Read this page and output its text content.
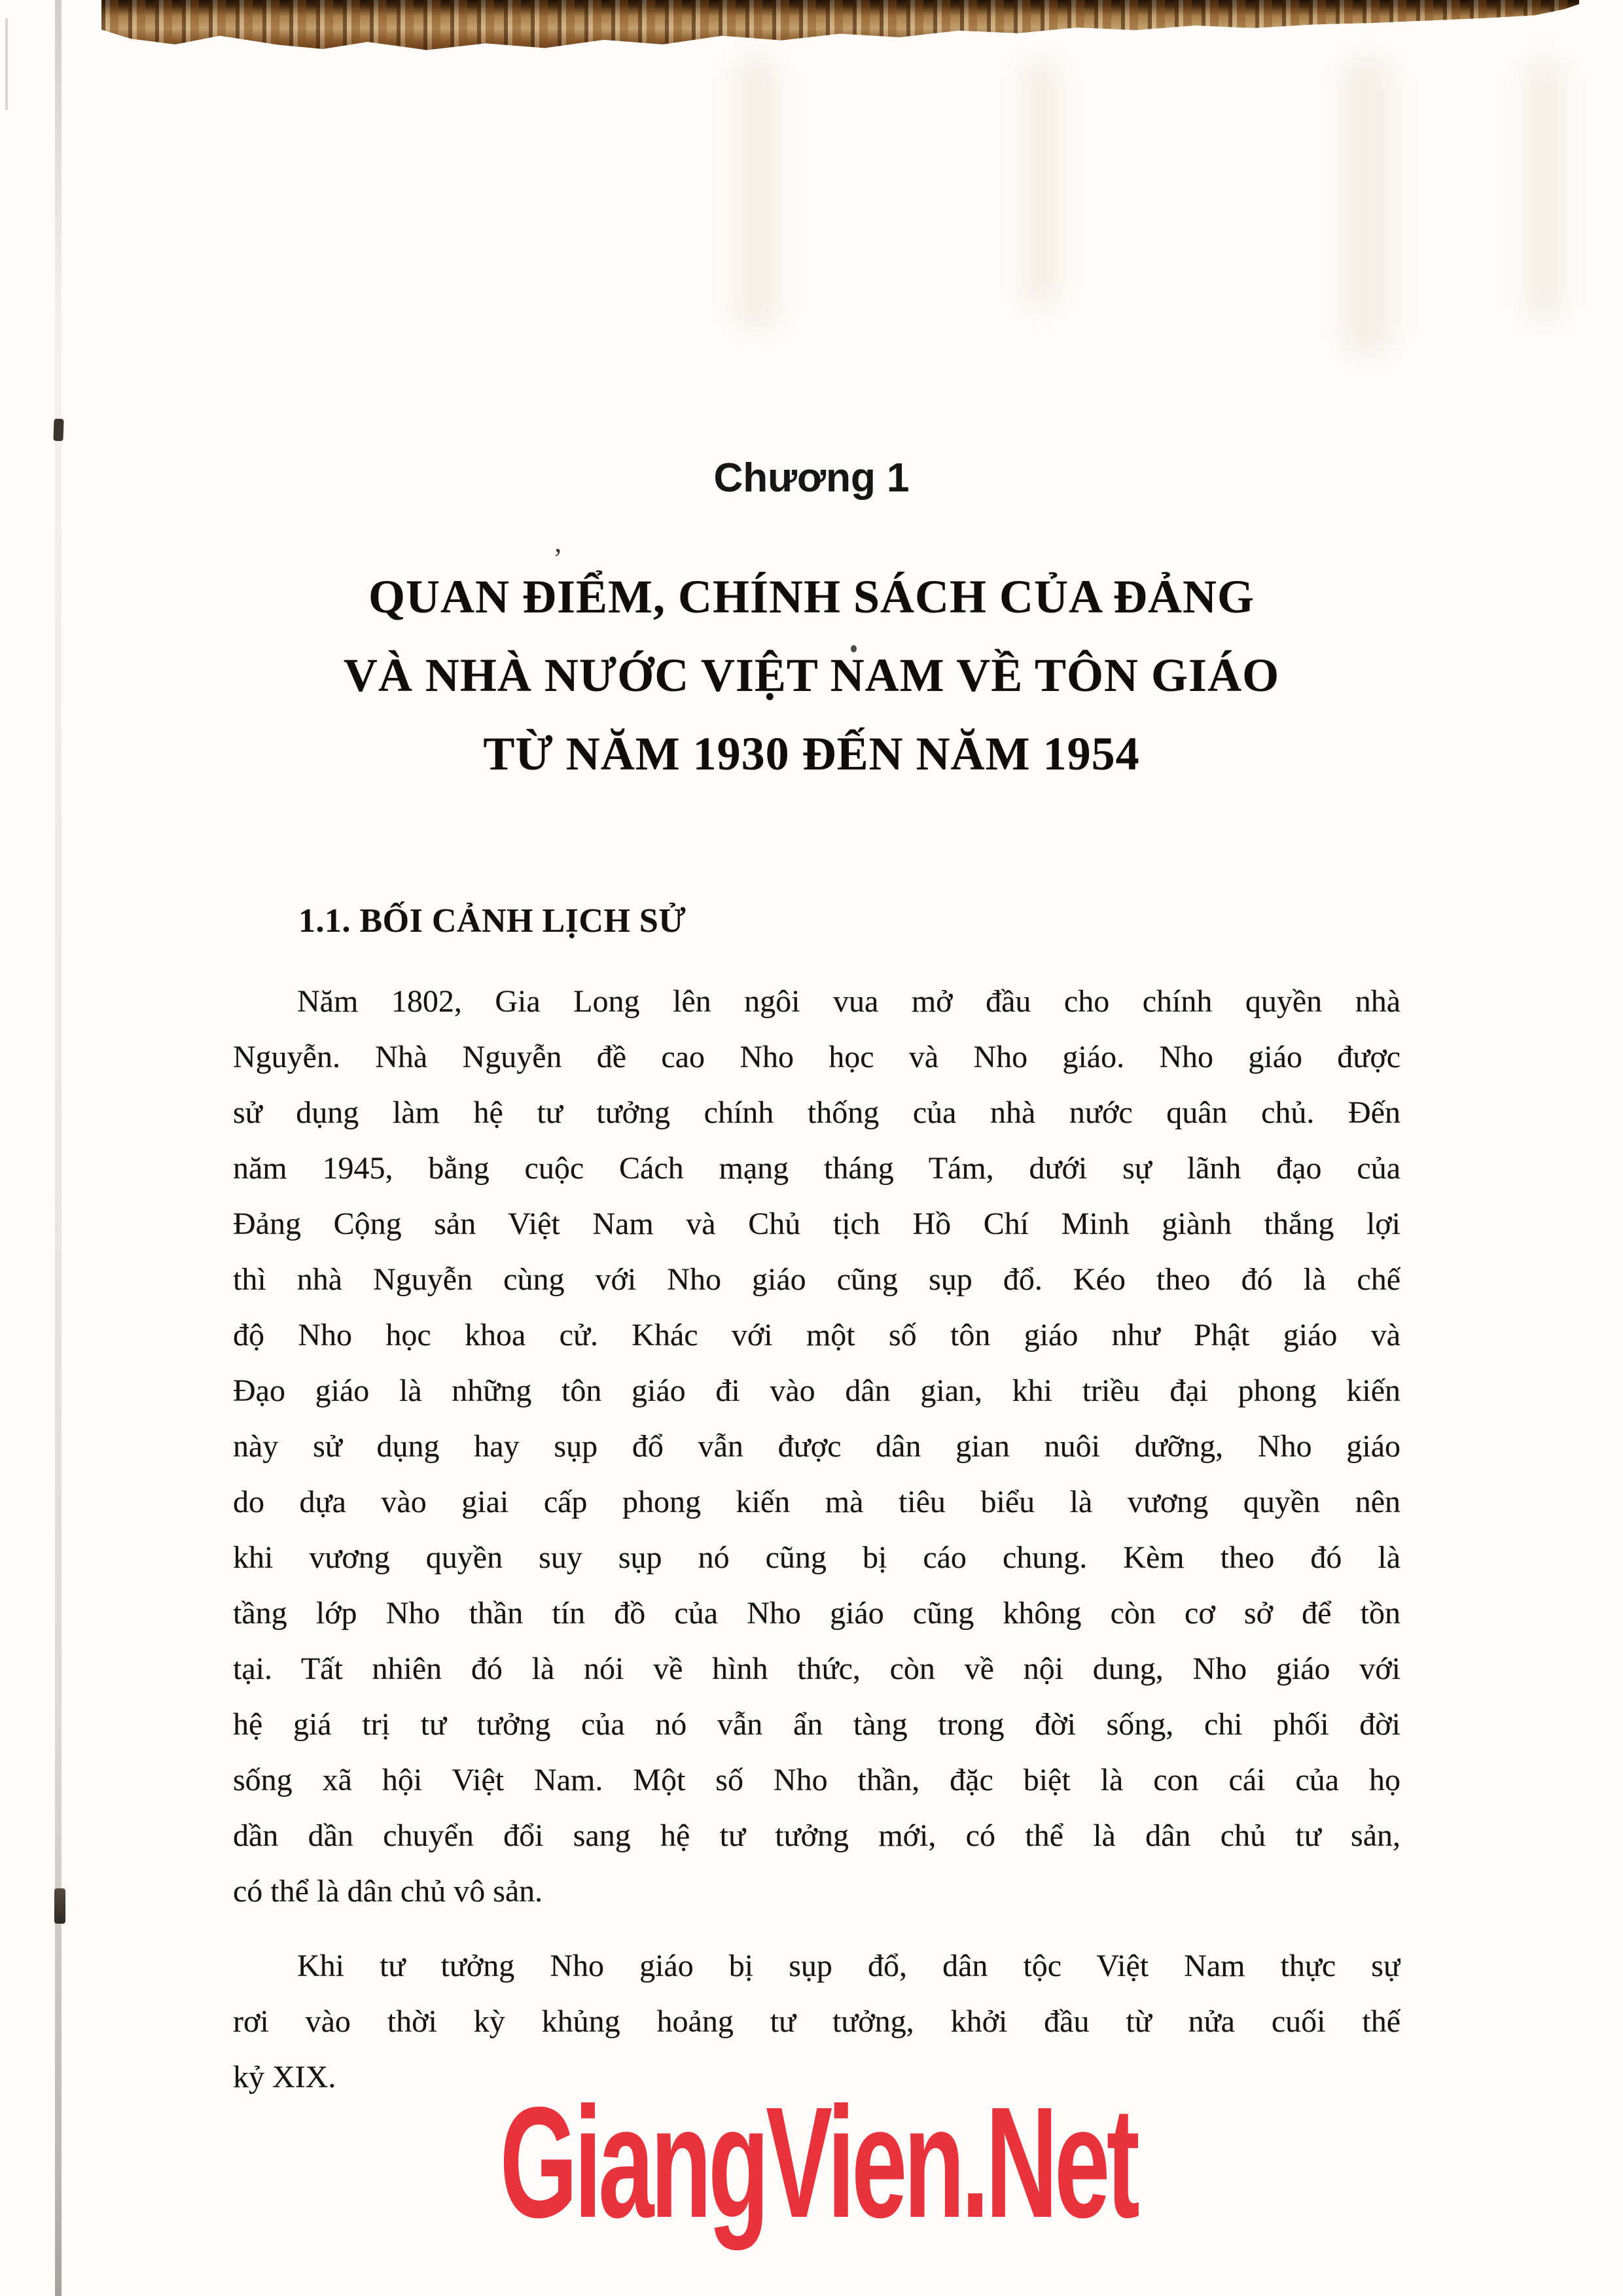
’
Chương 1
QUAN ĐIỂM, CHÍNH SÁCH CỦA ĐẢNG
VÀ NHÀ NƯỚC VIỆT NAM VỀ TÔN GIÁO
TỪ NĂM 1930 ĐẾN NĂM 1954
1.1. BỐI CẢNH LỊCH SỬ
Năm 1802, Gia Long lên ngôi vua mở đầu cho chính quyền nhà
Nguyễn. Nhà Nguyễn đề cao Nho học và Nho giáo. Nho giáo được
sử dụng làm hệ tư tưởng chính thống của nhà nước quân chủ. Đến
năm 1945, bằng cuộc Cách mạng tháng Tám, dưới sự lãnh đạo của
Đảng Cộng sản Việt Nam và Chủ tịch Hồ Chí Minh giành thắng lợi
thì nhà Nguyễn cùng với Nho giáo cũng sụp đổ. Kéo theo đó là chế
độ Nho học khoa cử. Khác với một số tôn giáo như Phật giáo và
Đạo giáo là những tôn giáo đi vào dân gian, khi triều đại phong kiến
này sử dụng hay sụp đổ vẫn được dân gian nuôi dưỡng, Nho giáo
do dựa vào giai cấp phong kiến mà tiêu biểu là vương quyền nên
khi vương quyền suy sụp nó cũng bị cáo chung. Kèm theo đó là
tầng lớp Nho thần tín đồ của Nho giáo cũng không còn cơ sở để tồn
tại. Tất nhiên đó là nói về hình thức, còn về nội dung, Nho giáo với
hệ giá trị tư tưởng của nó vẫn ẩn tàng trong đời sống, chi phối đời
sống xã hội Việt Nam. Một số Nho thần, đặc biệt là con cái của họ
dần dần chuyển đổi sang hệ tư tưởng mới, có thể là dân chủ tư sản,
có thể là dân chủ vô sản.
Khi tư tưởng Nho giáo bị sụp đổ, dân tộc Việt Nam thực sự
rơi vào thời kỳ khủng hoảng tư tưởng, khởi đầu từ nửa cuối thế
kỷ XIX.	GiangVien.Net
